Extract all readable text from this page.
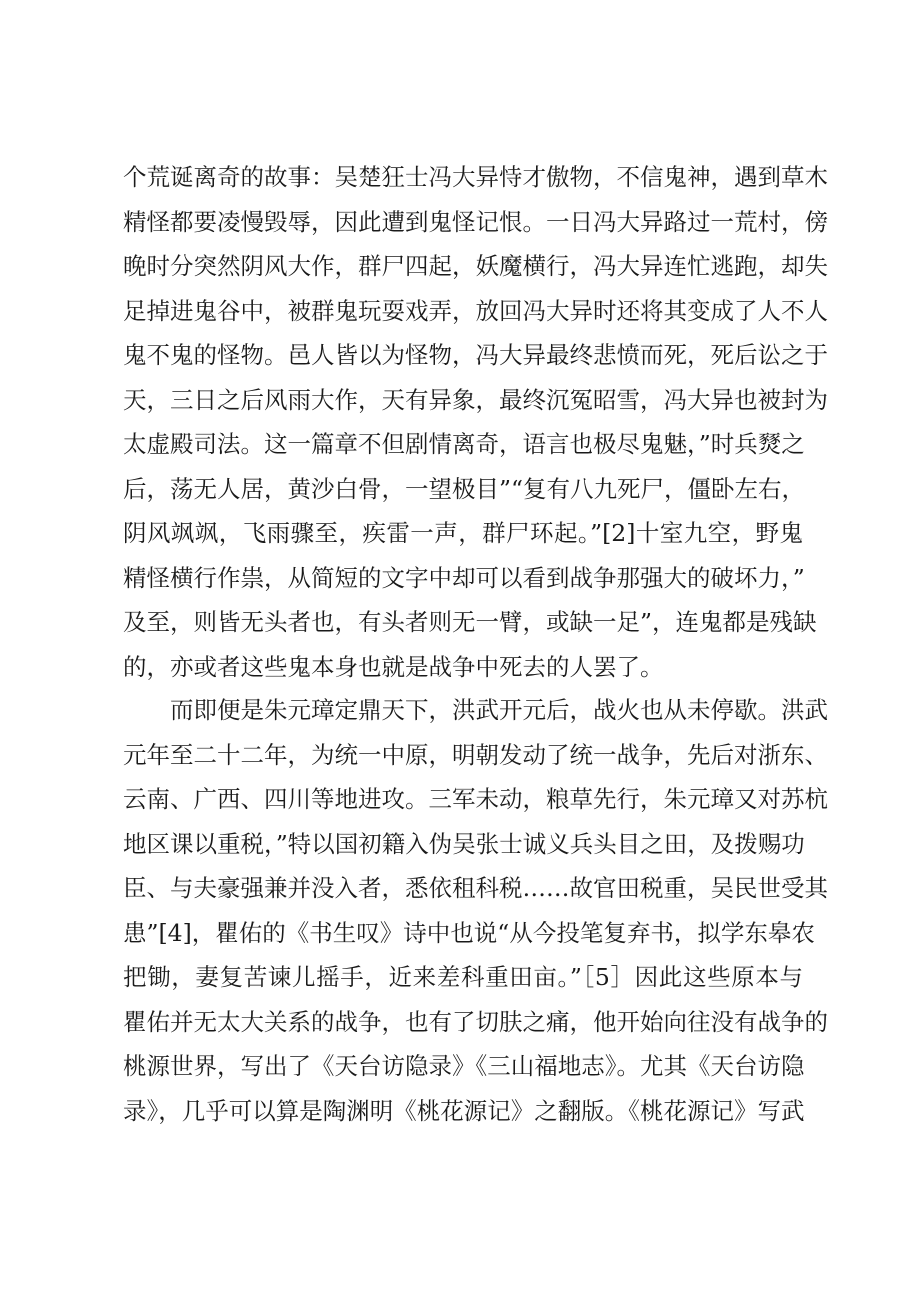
个荒诞离奇的故事：吴楚狂士冯大异恃才傲物，不信鬼神，遇到草木
精怪都要凌慢毁辱，因此遭到鬼怪记恨。一日冯大异路过一荒村，傍
晚时分突然阴风大作，群尸四起，妖魔横行，冯大异连忙逃跑，却失
足掉进鬼谷中，被群鬼玩耍戏弄，放回冯大异时还将其变成了人不人
鬼不鬼的怪物。邑人皆以为怪物，冯大异最终悲愤而死，死后讼之于
天，三日之后风雨大作，天有异象，最终沉冤昭雪，冯大异也被封为
太虚殿司法。这一篇章不但剧情离奇，语言也极尽鬼魅，”时兵燹之
后，荡无人居，黄沙白骨，一望极目”“复有八九死尸，僵卧左右，
阴风飒飒，飞雨骤至，疾雷一声，群尸环起。”[2]十室九空，野鬼
精怪横行作祟，从简短的文字中却可以看到战争那强大的破坏力，”
及至，则皆无头者也，有头者则无一臂，或缺一足”，连鬼都是残缺
的，亦或者这些鬼本身也就是战争中死去的人罢了。
而即便是朱元璋定鼎天下，洪武开元后，战火也从未停歇。洪武
元年至二十二年，为统一中原，明朝发动了统一战争，先后对浙东、
云南、广西、四川等地进攻。三军未动，粮草先行，朱元璋又对苏杭
地区课以重税，”特以国初籍入伪吴张士诚义兵头目之田，及拨赐功
臣、与夫豪强兼并没入者，悉依租科税……故官田税重，吴民世受其
患”[4]，瞿佑的《书生叹》诗中也说“从今投笔复弃书，拟学东皋农
把锄，妻复苦谏儿摇手，近来差科重田亩。”［5］因此这些原本与
瞿佑并无太大关系的战争，也有了切肤之痛，他开始向往没有战争的
桃源世界，写出了《天台访隐录》《三山福地志》。尤其《天台访隐
录》，几乎可以算是陶渊明《桃花源记》之翻版。《桃花源记》写武
